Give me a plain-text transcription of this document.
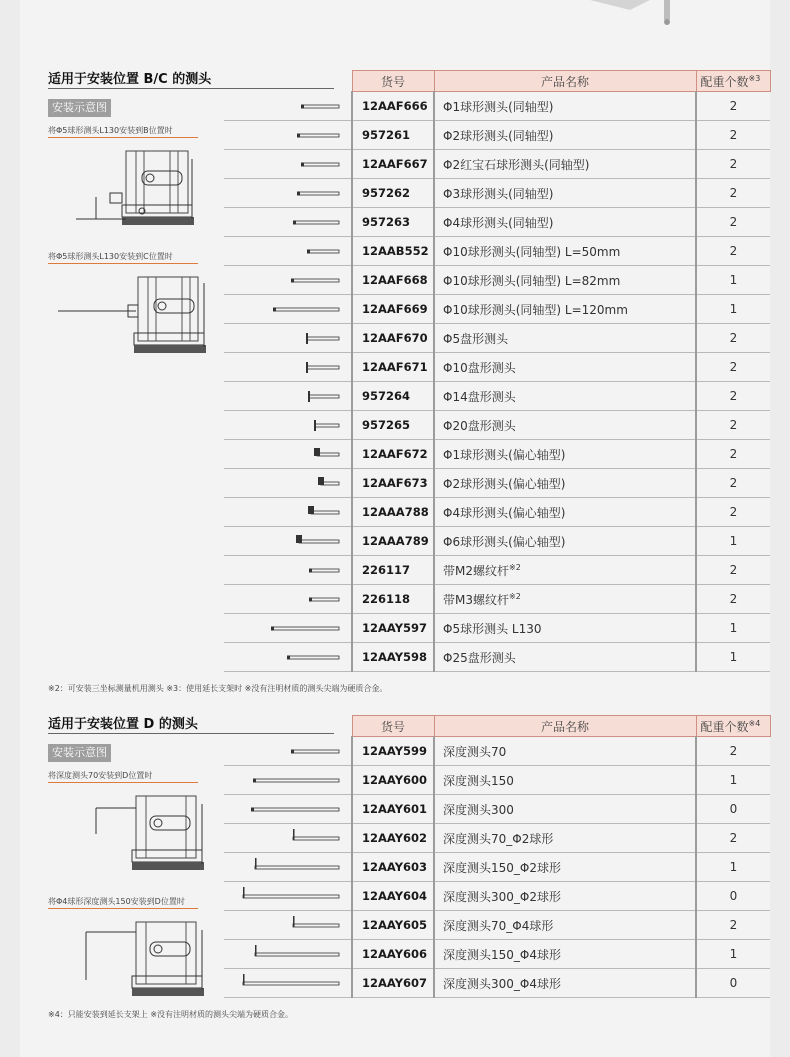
适用于安装位置 B/C 的测头
安装示意图
将Φ5球形测头L130安装到B位置时
将Φ5球形测头L130安装到C位置时
	货号	产品名称	配重个数$^{※3}$

	12AAF666	Φ1球形测头(同轴型)	2

	957261	Φ2球形测头(同轴型)	2

	12AAF667	Φ2红宝石球形测头(同轴型)	2

	957262	Φ3球形测头(同轴型)	2

	957263	Φ4球形测头(同轴型)	2

	12AAB552	Φ10球形测头(同轴型) L=50mm	2

	12AAF668	Φ10球形测头(同轴型) L=82mm	1

	12AAF669	Φ10球形测头(同轴型) L=120mm	1

	12AAF670	Φ5盘形测头	2

	12AAF671	Φ10盘形测头	2

	957264	Φ14盘形测头	2

	957265	Φ20盘形测头	2

	12AAF672	Φ1球形测头(偏心轴型)	2

	12AAF673	Φ2球形测头(偏心轴型)	2

	12AAA788	Φ4球形测头(偏心轴型)	2

	12AAA789	Φ6球形测头(偏心轴型)	1

	226117	带M2螺纹杆$^{※2}$	2

	226118	带M3螺纹杆$^{※2}$	2

	12AAY597	Φ5球形测头 L130	1

	12AAY598	Φ25盘形测头	1
※2：可安装三坐标测量机用测头 ※3：使用延长支架时 ※没有注明材质的测头尖端为硬质合金。
适用于安装位置 D 的测头
安装示意图
将深度测头70安装到D位置时
将Φ4球形深度测头150安装到D位置时
	货号	产品名称	配重个数$^{※4}$

	12AAY599	深度测头70	2

	12AAY600	深度测头150	1

	12AAY601	深度测头300	0

	12AAY602	深度测头70_Φ2球形	2

	12AAY603	深度测头150_Φ2球形	1

	12AAY604	深度测头300_Φ2球形	0

	12AAY605	深度测头70_Φ4球形	2

	12AAY606	深度测头150_Φ4球形	1

	12AAY607	深度测头300_Φ4球形	0
※4：只能安装到延长支架上 ※没有注明材质的测头尖端为硬质合金。
